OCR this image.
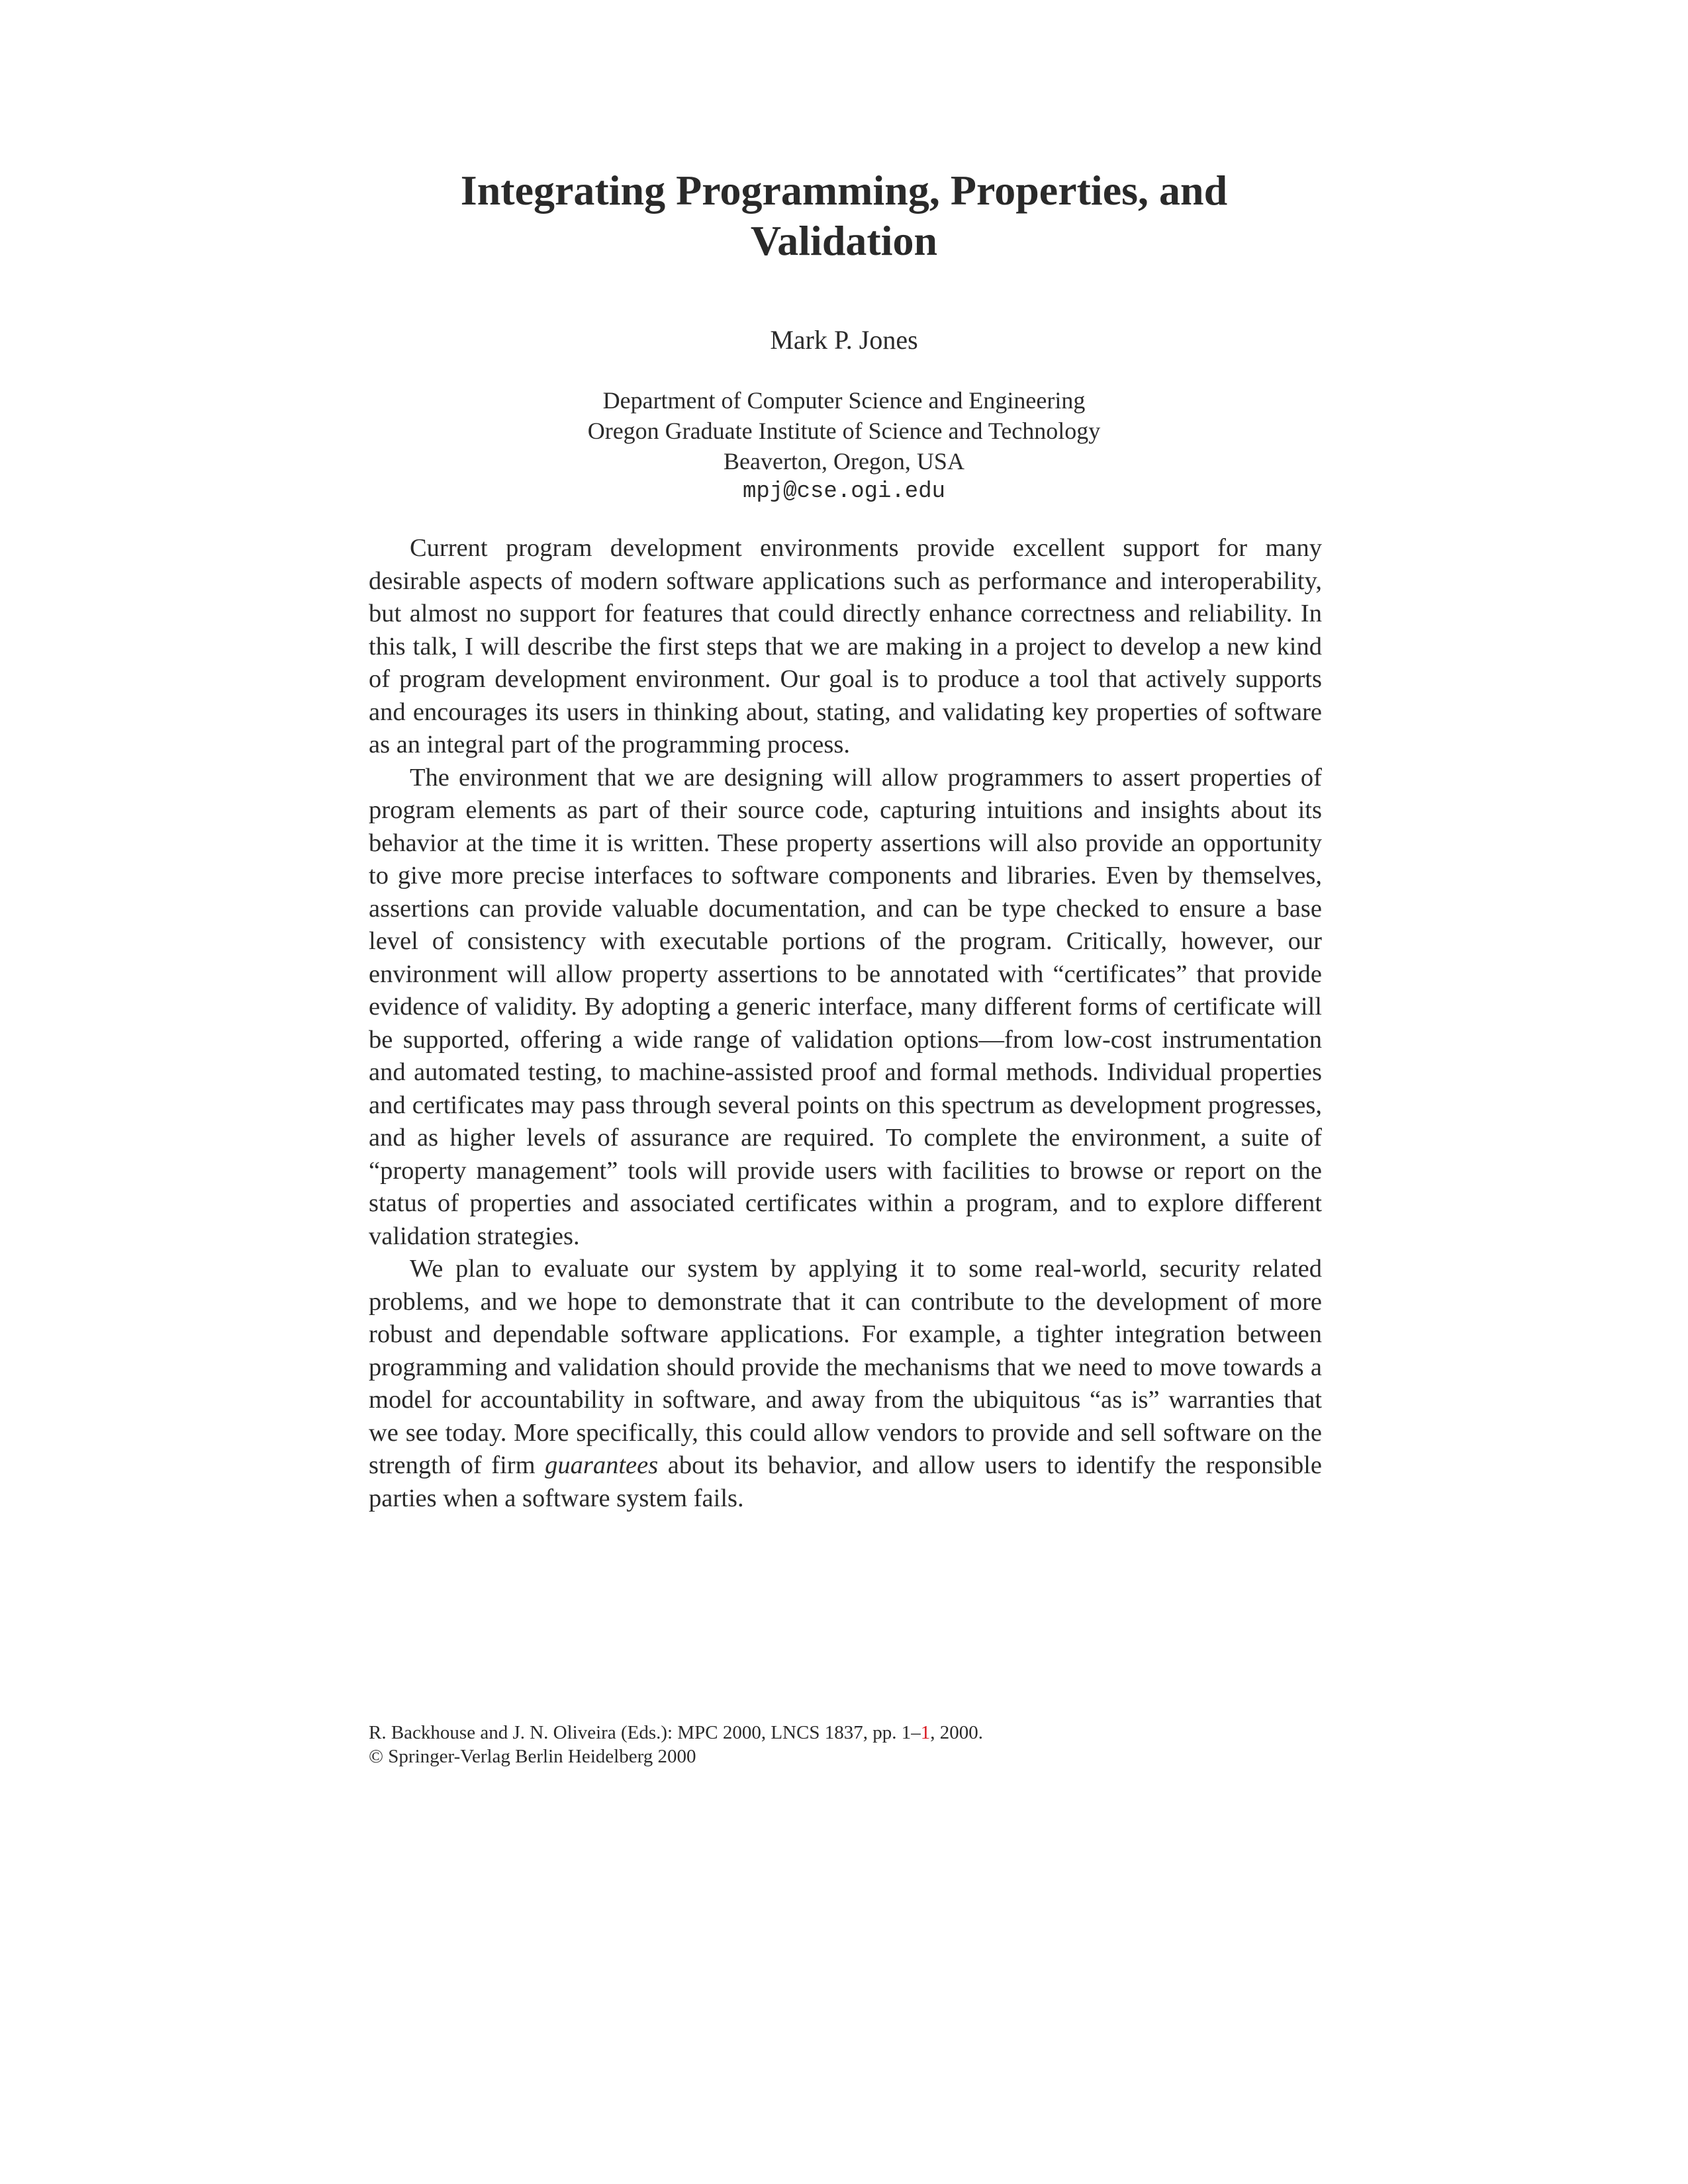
Integrating Programming, Properties, and
Validation
Mark P. Jones
Department of Computer Science and Engineering
Oregon Graduate Institute of Science and Technology
Beaverton, Oregon, USA
mpj@cse.ogi.edu

Current program development environments provide excellent support for many desirable aspects of modern software applications such as performance and interoperability, but almost no support for features that could directly enhance correctness and reliability. In this talk, I will describe the first steps that we are making in a project to develop a new kind of program development environment. Our goal is to produce a tool that actively supports and encourages its users in thinking about, stating, and validating key properties of software as an integral part of the programming process.

The environment that we are designing will allow programmers to assert properties of program elements as part of their source code, capturing intuitions and insights about its behavior at the time it is written. These property assertions will also provide an opportunity to give more precise interfaces to software components and libraries. Even by themselves, assertions can provide valuable documentation, and can be type checked to ensure a base level of consistency with executable portions of the program. Critically, however, our environment will allow property assertions to be annotated with “certificates” that provide evidence of validity. By adopting a generic interface, many different forms of certificate will be supported, offering a wide range of validation options—from low-cost instrumentation and automated testing, to machine-assisted proof and formal methods. Individual properties and certificates may pass through several points on this spectrum as development progresses, and as higher levels of assurance are required. To complete the environment, a suite of “property management” tools will provide users with facilities to browse or report on the status of properties and associated certificates within a program, and to explore different validation strategies.

We plan to evaluate our system by applying it to some real-world, security related problems, and we hope to demonstrate that it can contribute to the development of more robust and dependable software applications. For example, a tighter integration between programming and validation should provide the mechanisms that we need to move towards a model for accountability in software, and away from the ubiquitous “as is” warranties that we see today. More specifically, this could allow vendors to provide and sell software on the strength of firm guarantees about its behavior, and allow users to identify the responsible parties when a software system fails.

R. Backhouse and J. N. Oliveira (Eds.): MPC 2000, LNCS 1837, pp. 1–1, 2000.
© Springer-Verlag Berlin Heidelberg 2000
